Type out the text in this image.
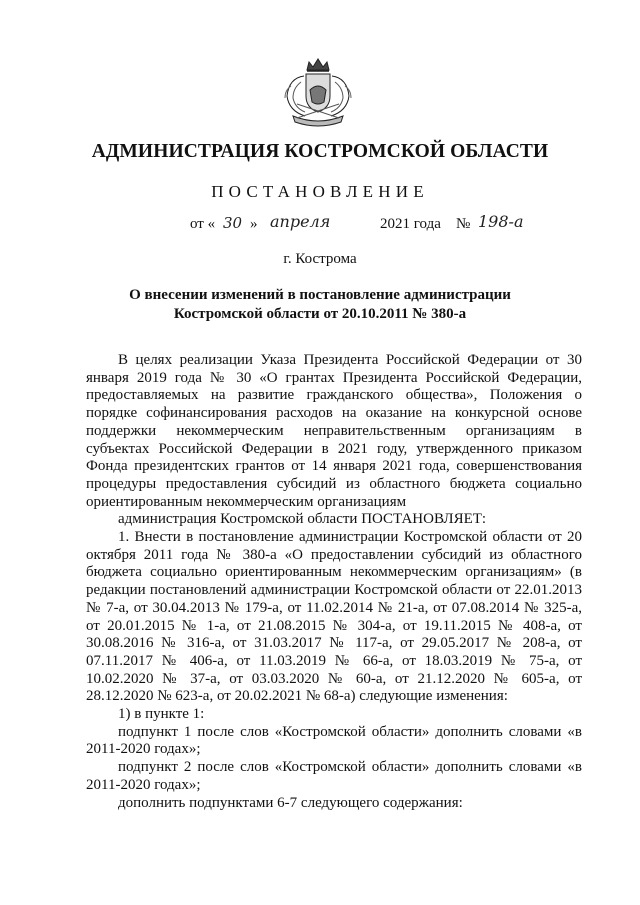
АДМИНИСТРАЦИЯ КОСТРОМСКОЙ ОБЛАСТИ
ПОСТАНОВЛЕНИЕ
от « 30 » апреля	2021 года № 198-а
г. Кострома
О внесении изменений в постановление администрации
Костромской области от 20.10.2011 № 380-а

В целях реализации Указа Президента Российской Федерации от 30 января 2019 года № 30 «О грантах Президента Российской Федерации, предоставляемых на развитие гражданского общества», Положения о порядке софинансирования расходов на оказание на конкурсной основе поддержки некоммерческим неправительственным организациям в субъектах Российской Федерации в 2021 году, утвержденного приказом Фонда президентских грантов от 14 января 2021 года, совершенствования процедуры предоставления субсидий из областного бюджета социально ориентированным некоммерческим организациям

администрация Костромской области ПОСТАНОВЛЯЕТ:

1. Внести в постановление администрации Костромской области от 20 октября 2011 года № 380-а «О предоставлении субсидий из областного бюджета социально ориентированным некоммерческим организациям» (в редакции постановлений администрации Костромской области от 22.01.2013 № 7-а, от 30.04.2013 № 179-а, от 11.02.2014 № 21-а, от 07.08.2014 № 325-а, от 20.01.2015 № 1-а, от 21.08.2015 № 304-а, от 19.11.2015 № 408-а, от 30.08.2016 № 316-а, от 31.03.2017 № 117-а, от 29.05.2017 № 208-а, от 07.11.2017 № 406-а, от 11.03.2019 № 66-а, от 18.03.2019 № 75-а, от 10.02.2020 № 37-а, от 03.03.2020 № 60-а, от 21.12.2020 № 605-а, от 28.12.2020 № 623-а, от 20.02.2021 № 68-а) следующие изменения:

1) в пункте 1:

подпункт 1 после слов «Костромской области» дополнить словами «в 2011-2020 годах»;

подпункт 2 после слов «Костромской области» дополнить словами «в 2011-2020 годах»;

дополнить подпунктами 6-7 следующего содержания:
